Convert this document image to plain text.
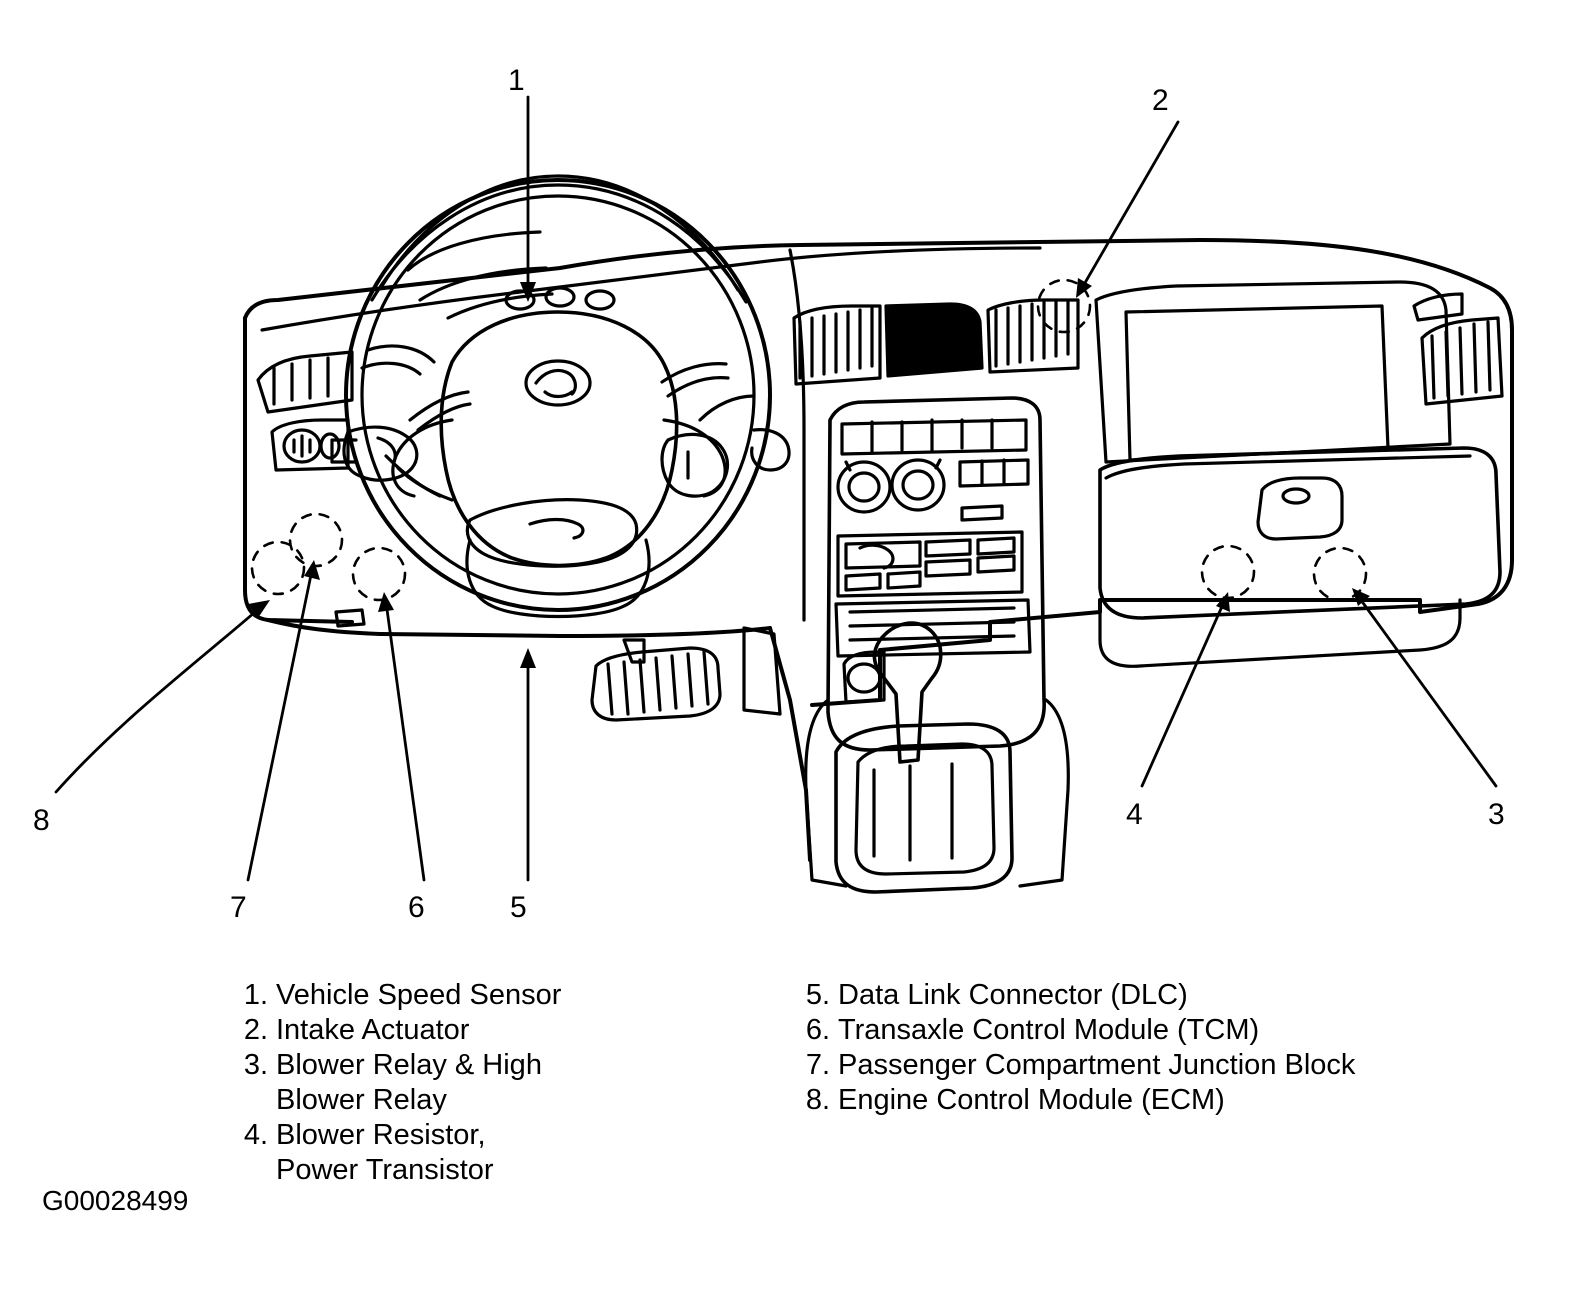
1
2
3
4
5
6
7
8
1. Vehicle Speed Sensor
2. Intake Actuator
3. Blower Relay & High
Blower Relay
4. Blower Resistor,
Power Transistor
5. Data Link Connector (DLC)
6. Transaxle Control Module (TCM)
7. Passenger Compartment Junction Block
8. Engine Control Module (ECM)
G00028499
